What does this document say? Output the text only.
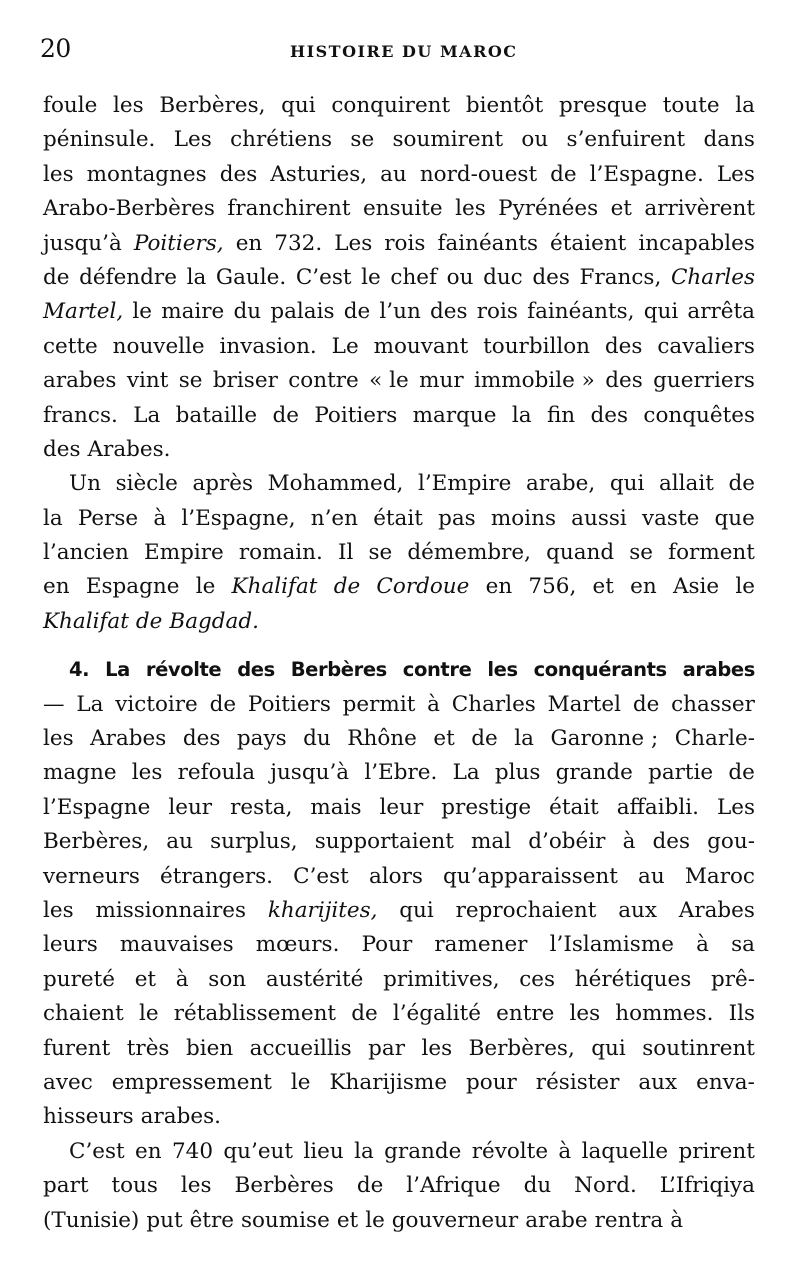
20	HISTOIRE DU MAROC
foule les Berbères, qui conquirent bientôt presque toute la
péninsule. Les chrétiens se soumirent ou s’enfuirent dans
les montagnes des Asturies, au nord-ouest de l’Espagne. Les
Arabo-Berbères franchirent ensuite les Pyrénées et arrivèrent
jusqu’à Poitiers, en 732. Les rois fainéants étaient incapables
de défendre la Gaule. C’est le chef ou duc des Francs, Charles
Martel, le maire du palais de l’un des rois fainéants, qui arrêta
cette nouvelle invasion. Le mouvant tourbillon des cavaliers
arabes vint se briser contre « le mur immobile » des guerriers
francs. La bataille de Poitiers marque la fin des conquêtes
des Arabes.
Un siècle après Mohammed, l’Empire arabe, qui allait de
la Perse à l’Espagne, n’en était pas moins aussi vaste que
l’ancien Empire romain. Il se démembre, quand se forment
en Espagne le Khalifat de Cordoue en 756, et en Asie le
Khalifat de Bagdad.
4. La révolte des Berbères contre les conquérants arabes
— La victoire de Poitiers permit à Charles Martel de chasser
les Arabes des pays du Rhône et de la Garonne ; Charle-
magne les refoula jusqu’à l’Ebre. La plus grande partie de
l’Espagne leur resta, mais leur prestige était affaibli. Les
Berbères, au surplus, supportaient mal d’obéir à des gou-
verneurs étrangers. C’est alors qu’apparaissent au Maroc
les missionnaires kharijites, qui reprochaient aux Arabes
leurs mauvaises mœurs. Pour ramener l’Islamisme à sa
pureté et à son austérité primitives, ces hérétiques prê-
chaient le rétablissement de l’égalité entre les hommes. Ils
furent très bien accueillis par les Berbères, qui soutinrent
avec empressement le Kharijisme pour résister aux enva-
hisseurs arabes.
C’est en 740 qu’eut lieu la grande révolte à laquelle prirent
part tous les Berbères de l’Afrique du Nord. L’Ifriqiya
(Tunisie) put être soumise et le gouverneur arabe rentra à
